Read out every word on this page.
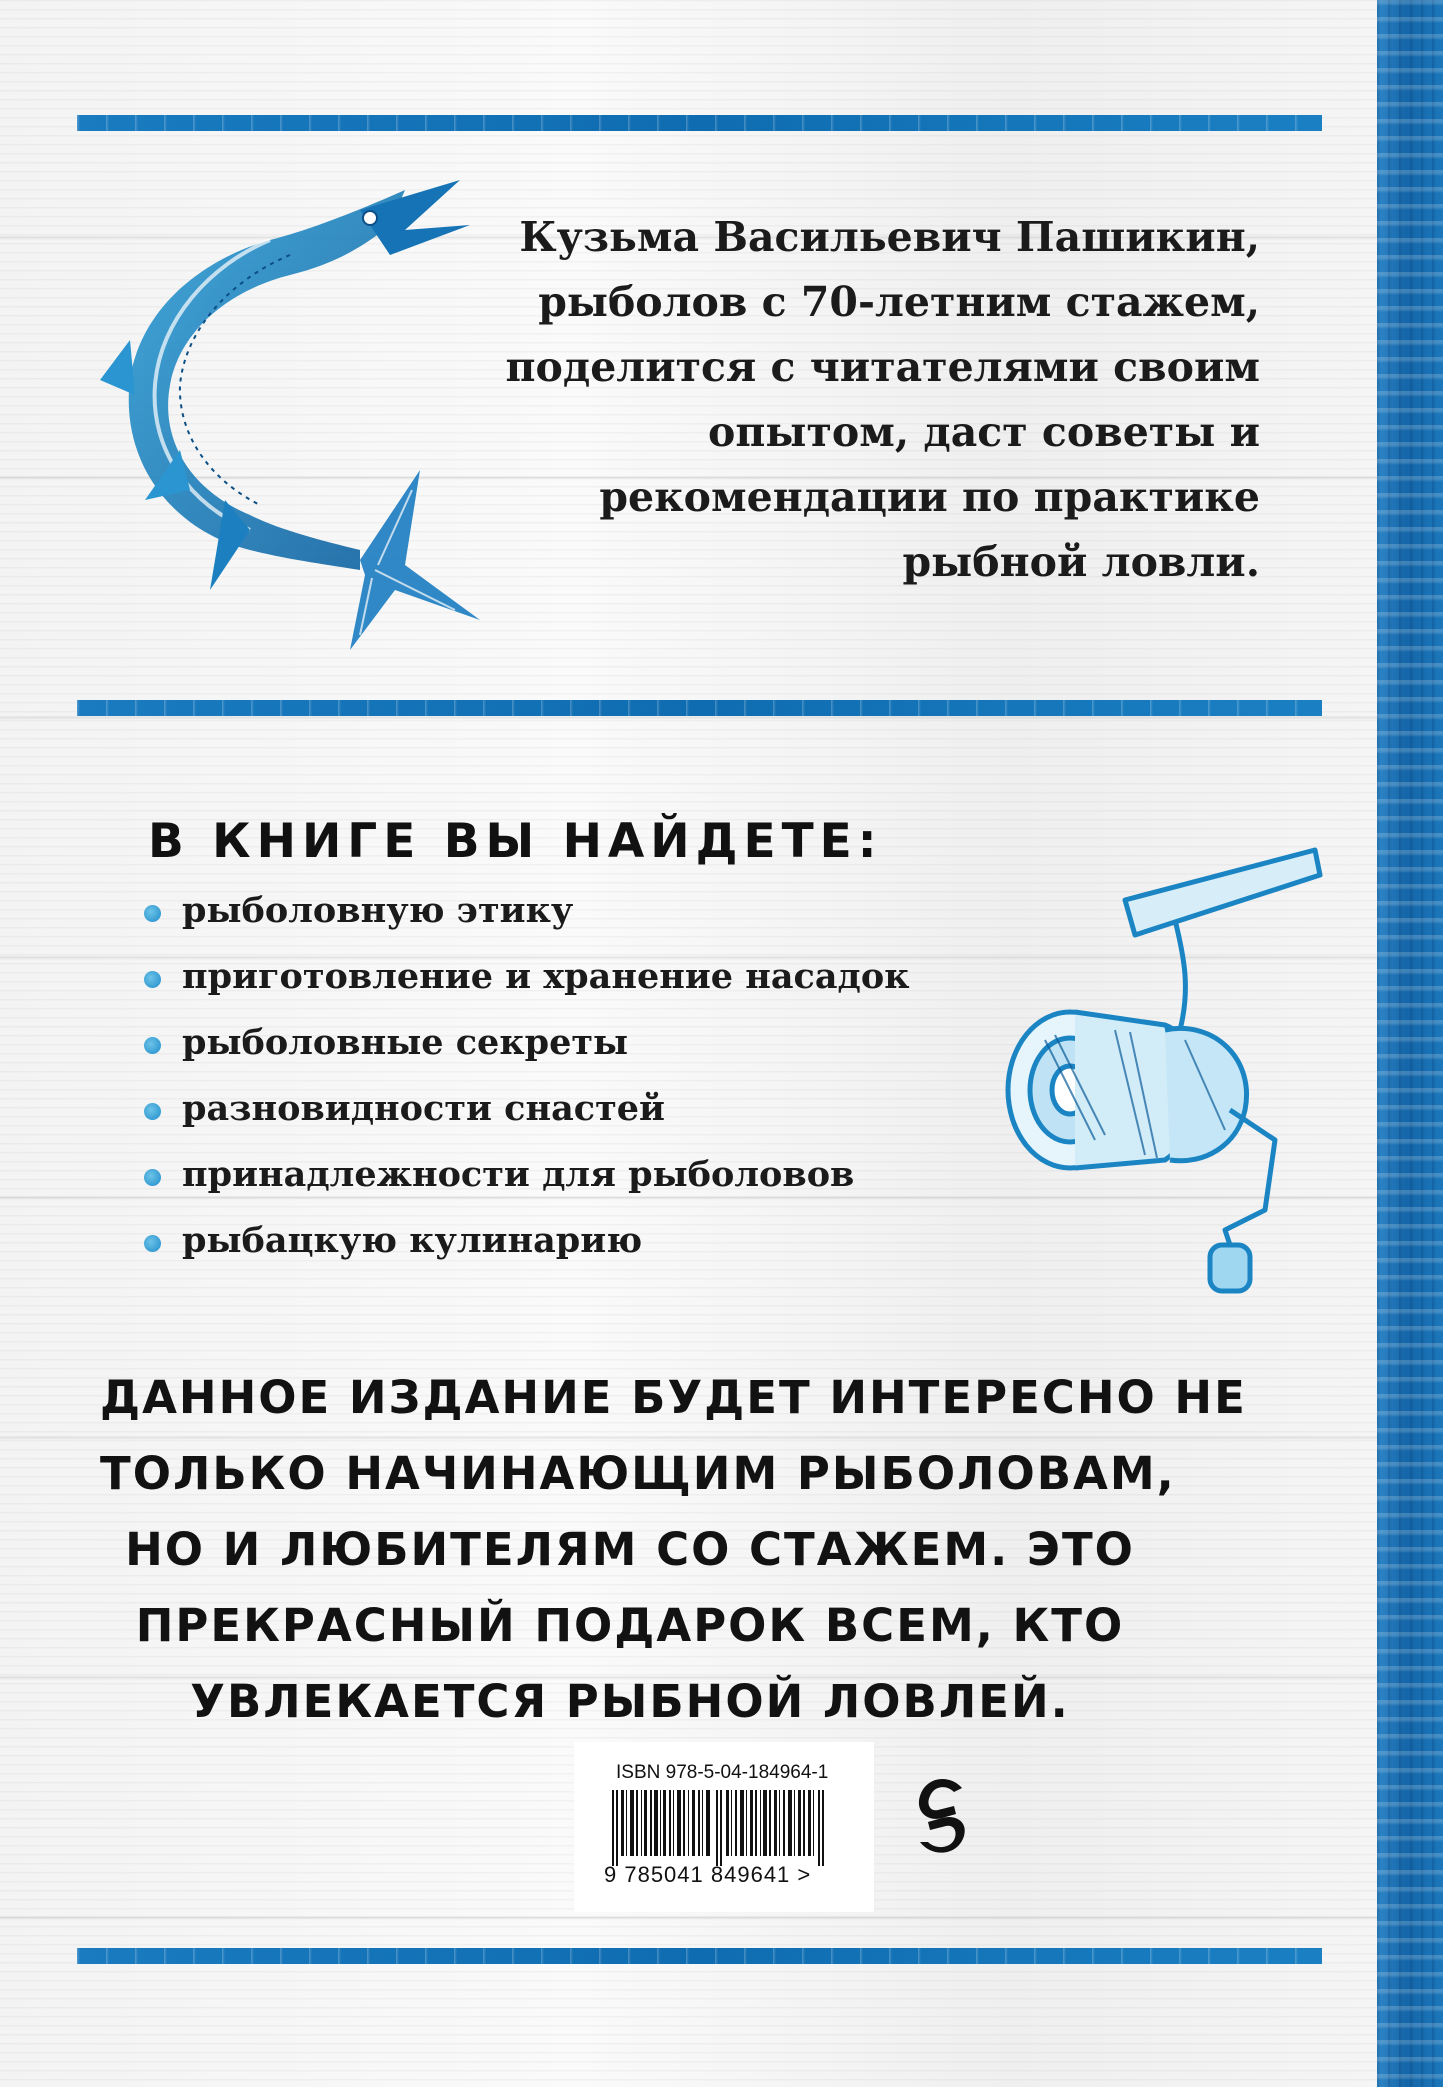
Кузьма Васильевич Пашикин,
рыболов с 70-летним стажем,
поделится с читателями своим
опытом, даст советы и
рекомендации по практике
рыбной ловли.
В КНИГЕ ВЫ НАЙДЕТЕ:
рыболовную этику
приготовление и хранение насадок
рыболовные секреты
разновидности снастей
принадлежности для рыболовов
рыбацкую кулинарию
ДАННОЕ ИЗДАНИЕ БУДЕТ ИНТЕРЕСНО НЕ
ТОЛЬКО НАЧИНАЮЩИМ РЫБОЛОВАМ,
НО И ЛЮБИТЕЛЯМ СО СТАЖЕМ. ЭТО
ПРЕКРАСНЫЙ ПОДАРОК ВСЕМ, КТО
УВЛЕКАЕТСЯ РЫБНОЙ ЛОВЛЕЙ.
ISBN 978-5-04-184964-1
9 785041 849641 >
